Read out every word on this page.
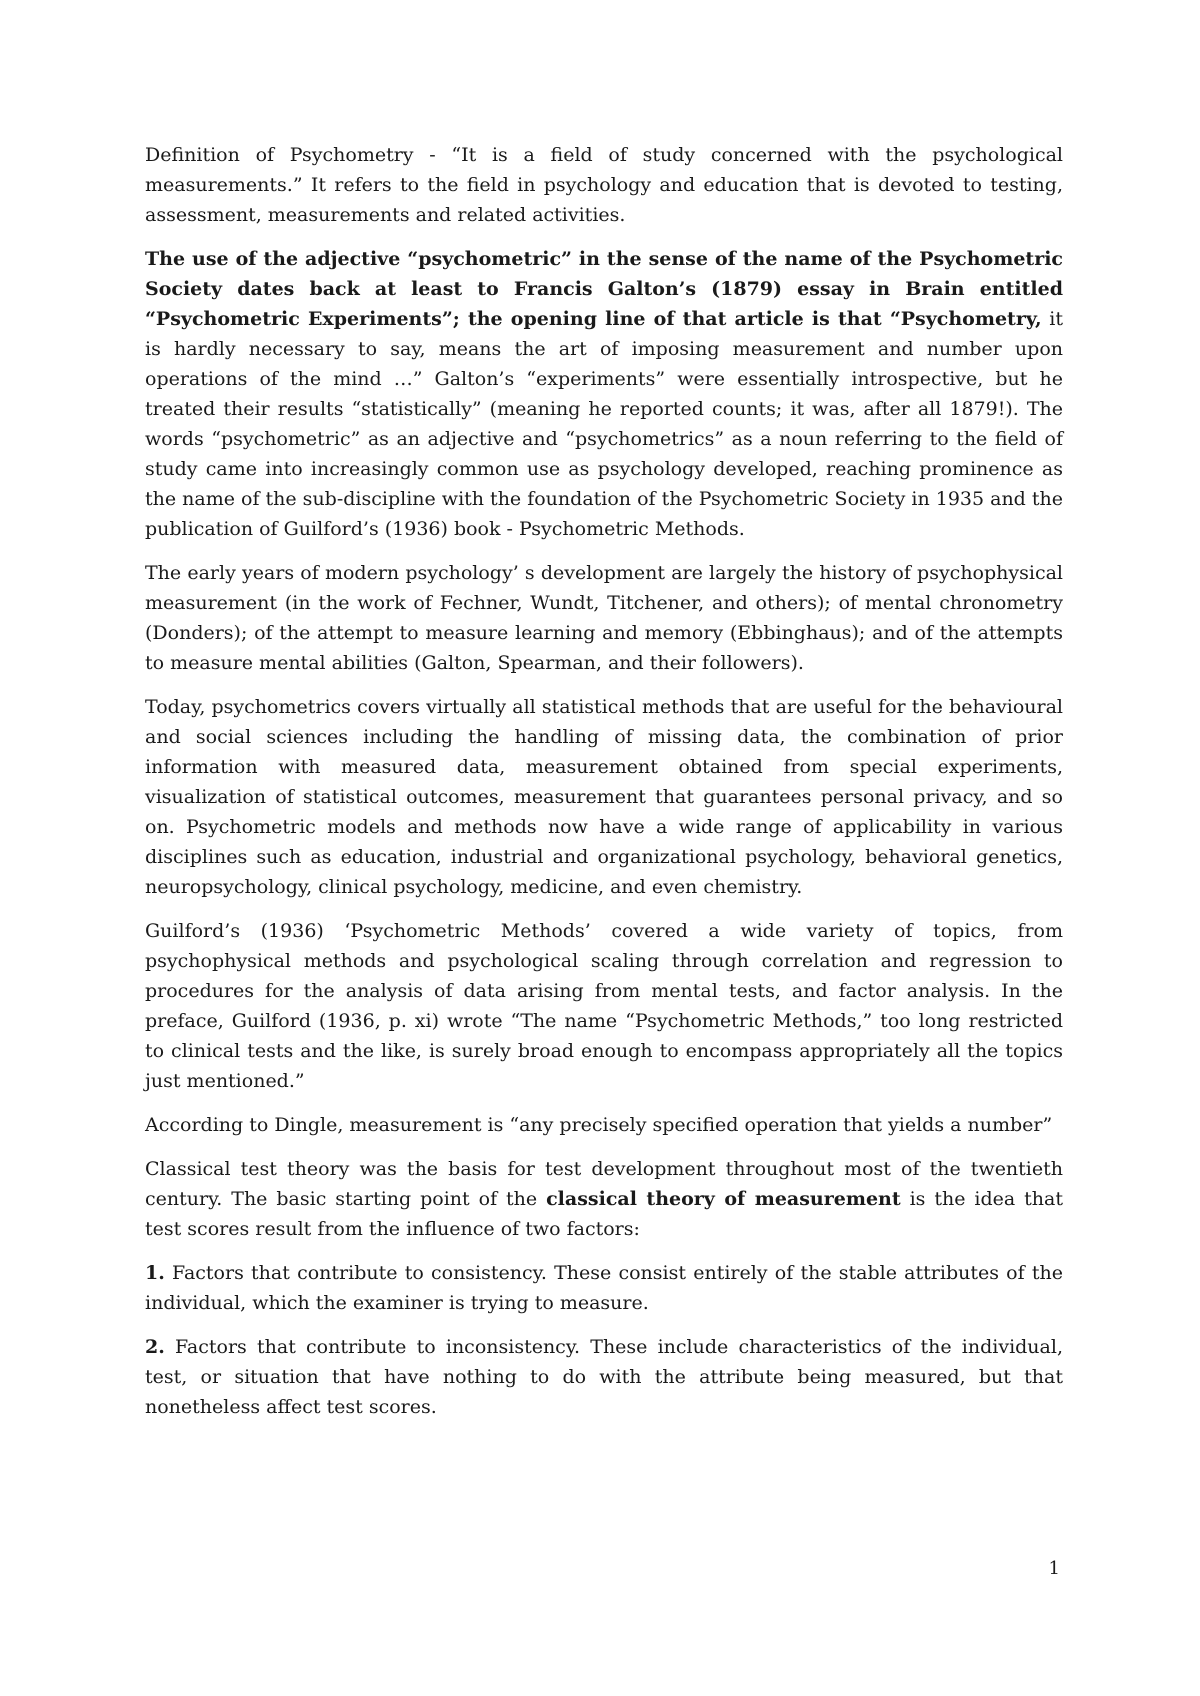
Definition of Psychometry - “It is a field of study concerned with the psychological measurements.” It refers to the field in psychology and education that is devoted to testing, assessment, measurements and related activities.

The use of the adjective “psychometric” in the sense of the name of the Psychometric Society dates back at least to Francis Galton’s (1879) essay in Brain entitled “Psychometric Experiments”; the opening line of that article is that “Psychometry, it is hardly necessary to say, means the art of imposing measurement and number upon operations of the mind …” Galton’s “experiments” were essentially introspective, but he treated their results “statistically” (meaning he reported counts; it was, after all 1879!). The words “psychometric” as an adjective and “psychometrics” as a noun referring to the field of study came into increasingly common use as psychology developed, reaching prominence as the name of the sub-discipline with the foundation of the Psychometric Society in 1935 and the publication of Guilford’s (1936) book - Psychometric Methods.

The early years of modern psychology’ s development are largely the history of psychophysical measurement (in the work of Fechner, Wundt, Titchener, and others); of mental chronometry (Donders); of the attempt to measure learning and memory (Ebbinghaus); and of the attempts to measure mental abilities (Galton, Spearman, and their followers).

Today, psychometrics covers virtually all statistical methods that are useful for the behavioural and social sciences including the handling of missing data, the combination of prior information with measured data, measurement obtained from special experiments, visualization of statistical outcomes, measurement that guarantees personal privacy, and so on. Psychometric models and methods now have a wide range of applicability in various disciplines such as education, industrial and organizational psychology, behavioral genetics, neuropsychology, clinical psychology, medicine, and even chemistry.

Guilford’s (1936) ‘Psychometric Methods’ covered a wide variety of topics, from psychophysical methods and psychological scaling through correlation and regression to procedures for the analysis of data arising from mental tests, and factor analysis. In the preface, Guilford (1936, p. xi) wrote “The name “Psychometric Methods,” too long restricted to clinical tests and the like, is surely broad enough to encompass appropriately all the topics just mentioned.”

According to Dingle, measurement is “any precisely specified operation that yields a number”

Classical test theory was the basis for test development throughout most of the twentieth century. The basic starting point of the classical theory of measurement is the idea that test scores result from the influence of two factors:

1. Factors that contribute to consistency. These consist entirely of the stable attributes of the individual, which the examiner is trying to measure.

2. Factors that contribute to inconsistency. These include characteristics of the individual, test, or situation that have nothing to do with the attribute being measured, but that nonetheless affect test scores.

1
